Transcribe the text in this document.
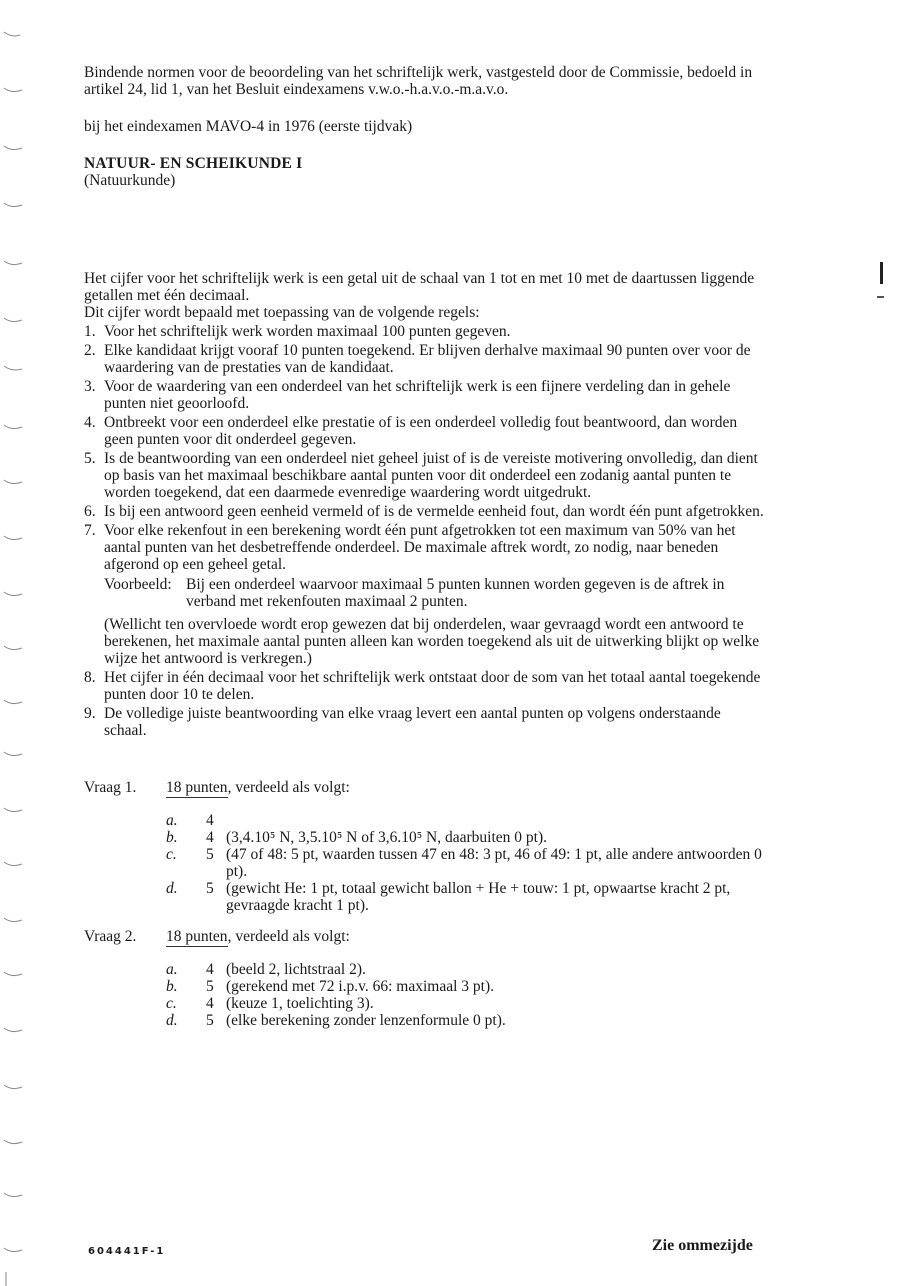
Bindende normen voor de beoordeling van het schriftelijk werk, vastgesteld door de Commissie, bedoeld in artikel 24, lid 1, van het Besluit eindexamens v.w.o.-h.a.v.o.-m.a.v.o.

bij het eindexamen MAVO-4 in 1976 (eerste tijdvak)

NATUUR- EN SCHEIKUNDE I
(Natuurkunde)
Het cijfer voor het schriftelijk werk is een getal uit de schaal van 1 tot en met 10 met de daartussen liggende getallen met één decimaal.
Dit cijfer wordt bepaald met toepassing van de volgende regels:
1. Voor het schriftelijk werk worden maximaal 100 punten gegeven.
2. Elke kandidaat krijgt vooraf 10 punten toegekend. Er blijven derhalve maximaal 90 punten over voor de waardering van de prestaties van de kandidaat.
3. Voor de waardering van een onderdeel van het schriftelijk werk is een fijnere verdeling dan in gehele punten niet geoorloofd.
4. Ontbreekt voor een onderdeel elke prestatie of is een onderdeel volledig fout beantwoord, dan worden geen punten voor dit onderdeel gegeven.
5. Is de beantwoording van een onderdeel niet geheel juist of is de vereiste motivering onvolledig, dan dient op basis van het maximaal beschikbare aantal punten voor dit onderdeel een zodanig aantal punten te worden toegekend, dat een daarmede evenredige waardering wordt uitgedrukt.
6. Is bij een antwoord geen eenheid vermeld of is de vermelde eenheid fout, dan wordt één punt afgetrokken.
7. Voor elke rekenfout in een berekening wordt één punt afgetrokken tot een maximum van 50% van het aantal punten van het desbetreffende onderdeel. De maximale aftrek wordt, zo nodig, naar beneden afgerond op een geheel getal.
Voorbeeld: Bij een onderdeel waarvoor maximaal 5 punten kunnen worden gegeven is de aftrek in verband met rekenfouten maximaal 2 punten.
(Wellicht ten overvloede wordt erop gewezen dat bij onderdelen, waar gevraagd wordt een antwoord te berekenen, het maximale aantal punten alleen kan worden toegekend als uit de uitwerking blijkt op welke wijze het antwoord is verkregen.)
8. Het cijfer in één decimaal voor het schriftelijk werk ontstaat door de som van het totaal aantal toegekende punten door 10 te delen.
9. De volledige juiste beantwoording van elke vraag levert een aantal punten op volgens onderstaande schaal.
Vraag 1.	18 punten, verdeeld als volgt:
a.	4
b.	4 (3,4.10⁵ N, 3,5.10⁵ N of 3,6.10⁵ N, daarbuiten 0 pt).
c.	5 (47 of 48: 5 pt, waarden tussen 47 en 48: 3 pt, 46 of 49: 1 pt, alle andere antwoorden 0 pt).
d.	5 (gewicht He: 1 pt, totaal gewicht ballon + He + touw: 1 pt, opwaartse kracht 2 pt, gevraagde kracht 1 pt).
Vraag 2.	18 punten, verdeeld als volgt:
a.	4 (beeld 2, lichtstraal 2).
b.	5 (gerekend met 72 i.p.v. 66: maximaal 3 pt).
c.	4 (keuze 1, toelichting 3).
d.	5 (elke berekening zonder lenzenformule 0 pt).
604441F-1	Zie ommezijde
